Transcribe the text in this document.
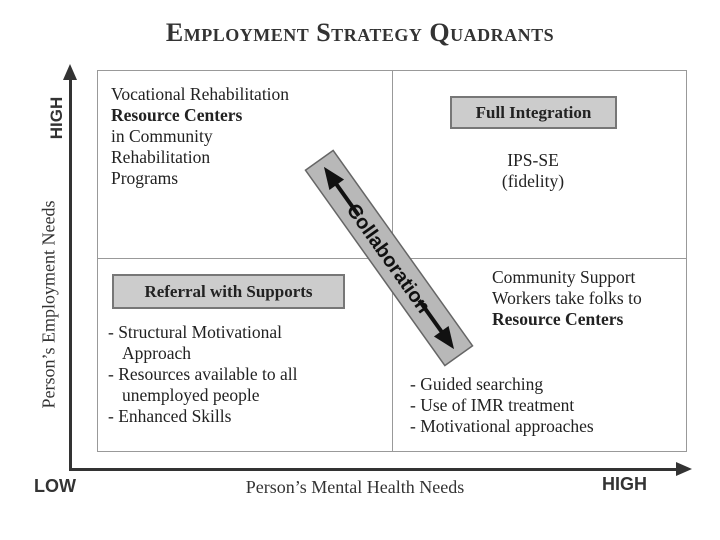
Employment Strategy Quadrants
LOW	Person’s Mental Health Needs	HIGH
Person’s Employment Needs
HIGH
Vocational Rehabilitation
Resource Centers
in Community
Rehabilitation
Programs
Full Integration
IPS-SE
(fidelity)
Referral with Supports
- Structural Motivational
Approach
- Resources available to all
unemployed people
- Enhanced Skills
Community Support
Workers take folks to
Resource Centers
- Guided searching
- Use of IMR treatment
- Motivational approaches
Collaboration
